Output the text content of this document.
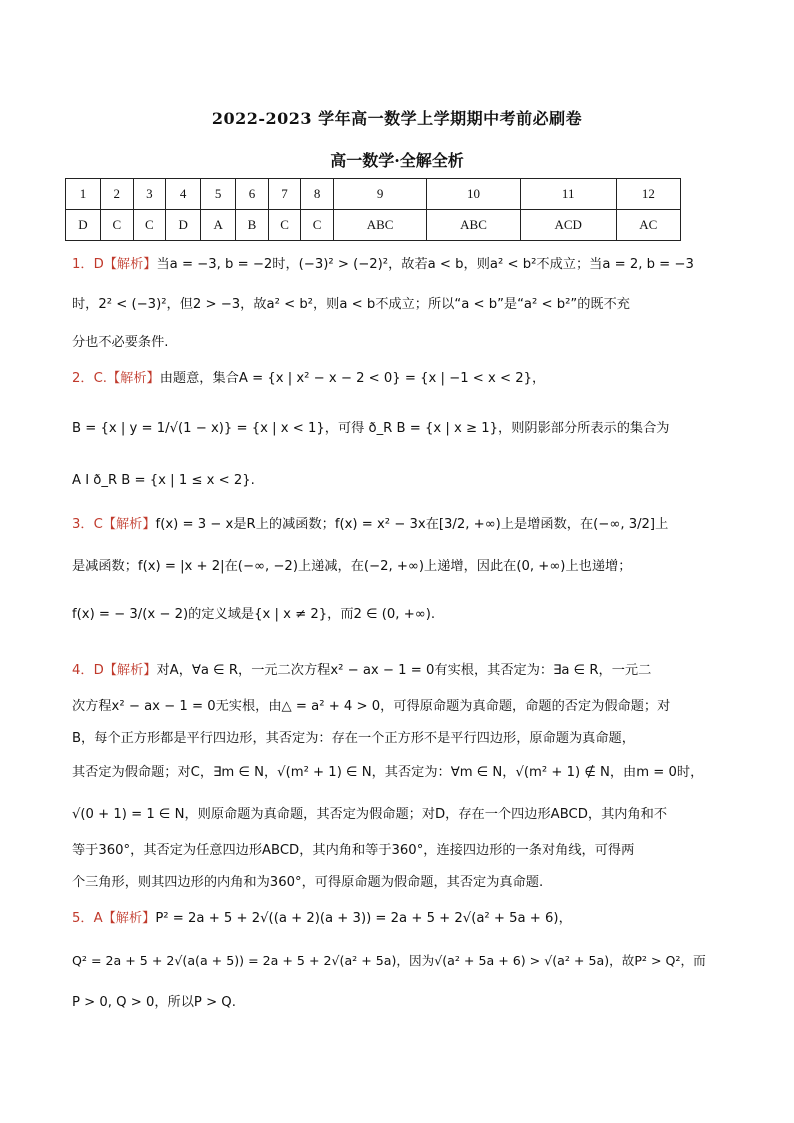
2022-2023 学年高一数学上学期期中考前必刷卷
高一数学·全解全析
1	2	3	4	5	6	7	8	9	10	11	12
D	C	C	D	A	B	C	C	ABC	ABC	ACD	AC
1．D【解析】当a = −3, b = −2时，(−3)² > (−2)²，故若a < b，则a² < b²不成立；当a = 2, b = −3
时，2² < (−3)²，但2 > −3，故a² < b²，则a < b不成立；所以“a < b”是“a² < b²”的既不充
分也不必要条件.
2．C.【解析】由题意，集合A = {x | x² − x − 2 < 0} = {x | −1 < x < 2}，
B = {x | y = 1/√(1 − x)} = {x | x < 1}，可得 ð_R B = {x | x ≥ 1}，则阴影部分所表示的集合为
A I ð_R B = {x | 1 ≤ x < 2}.
3．C【解析】f(x) = 3 − x是R上的减函数；f(x) = x² − 3x在[3/2, +∞)上是增函数，在(−∞, 3/2]上
是减函数；f(x) = |x + 2|在(−∞, −2)上递减，在(−2, +∞)上递增，因此在(0, +∞)上也递增；
f(x) = − 3/(x − 2)的定义域是{x | x ≠ 2}，而2 ∈ (0, +∞).
4．D【解析】对A，∀a ∈ R，一元二次方程x² − ax − 1 = 0有实根，其否定为：∃a ∈ R，一元二
次方程x² − ax − 1 = 0无实根，由△ = a² + 4 > 0，可得原命题为真命题，命题的否定为假命题；对
B，每个正方形都是平行四边形，其否定为：存在一个正方形不是平行四边形，原命题为真命题，
其否定为假命题；对C，∃m ∈ N，√(m² + 1) ∈ N，其否定为：∀m ∈ N，√(m² + 1) ∉ N，由m = 0时，
√(0 + 1) = 1 ∈ N，则原命题为真命题，其否定为假命题；对D，存在一个四边形ABCD，其内角和不
等于360°，其否定为任意四边形ABCD，其内角和等于360°，连接四边形的一条对角线，可得两
个三角形，则其四边形的内角和为360°，可得原命题为假命题，其否定为真命题.
5．A【解析】P² = 2a + 5 + 2√((a + 2)(a + 3)) = 2a + 5 + 2√(a² + 5a + 6)，
Q² = 2a + 5 + 2√(a(a + 5)) = 2a + 5 + 2√(a² + 5a)，因为√(a² + 5a + 6) > √(a² + 5a)，故P² > Q²，而
P > 0, Q > 0，所以P > Q.
